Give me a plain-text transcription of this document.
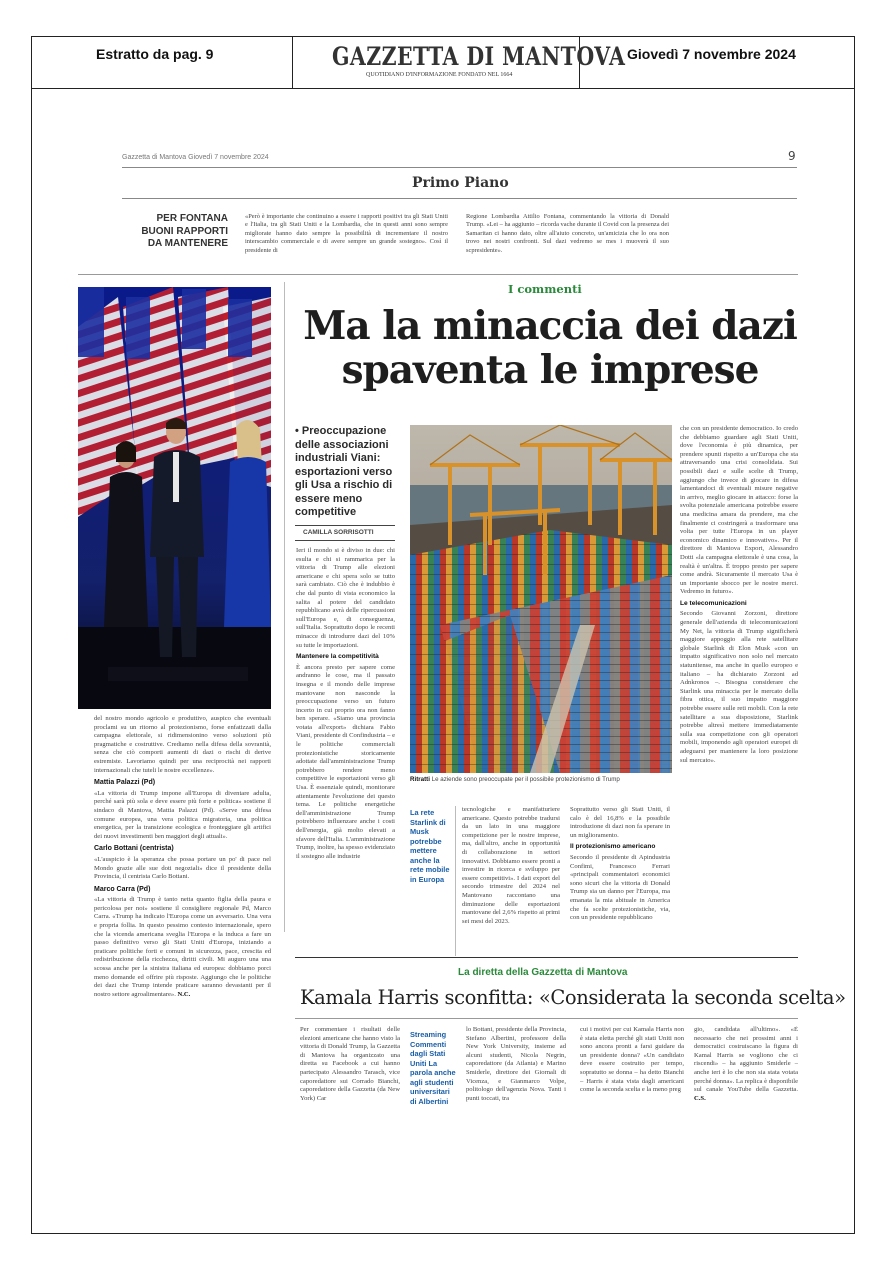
Estratto da pag. 9	GAZZETTA DI MANTOVA
QUOTIDIANO D'INFORMAZIONE FONDATO NEL 1664
Giovedì 7 novembre 2024
Gazzetta di Mantova Giovedì 7 novembre 2024	9
Primo Piano
PER FONTANA BUONI RAPPORTI DA MANTENERE
«Però è importante che continuino a essere i rapporti positivi tra gli Stati Uniti e l'Italia, tra gli Stati Uniti e la Lombardia, che in questi anni sono sempre migliorate hanno dato sempre la possibilità di incrementare il nostro interscambio commerciale e di avere sempre un grande sostegno». Così il presidente di
Regione Lombardia Attilio Fontana, commentando la vittoria di Donald Trump. «Lei – ha aggiunto – ricorda vache durante il Covid con la presenza dei Samaritan ci hanno dato, oltre all'aiuto concreto, un'amicizia che lo ora non trovo nei nostri confronti. Sul dazi vedremo se mes i muoverà il suo scpresidente».

del nostro mondo agricolo e produttivo, auspico che eventuali proclami su un ritorno al protezionismo, forse enfatizzati dalla campagna elettorale, si ridimensionino verso soluzioni più pragmatiche e costruttive. Crediamo nella difesa della sovranità, senza che ciò comporti aumenti di dazi o rischi di derive estremiste. Lavoriamo quindi per una reciprocità nei rapporti internazionali che tuteli le nostre eccellenze».

Mattia Palazzi (Pd)

«La vittoria di Trump impone all'Europa di diventare adulta, perché sarà più sola e deve essere più forte e politica» sostiene il sindaco di Mantova, Mattia Palazzi (Pd). «Serve una difesa comune europea, una vera politica migratoria, una politica energetica, per la transizione ecologica e fronteggiare gli artifici dei nuovi investimenti ben maggiori degli attuali».

Carlo Bottani (centrista)

«L'auspicio è la speranza che possa portare un po' di pace nel Mondo grazie alle sue doti negoziali» dice il presidente della Provincia, il centrista Carlo Bottani.

Marco Carra (Pd)

«La vittoria di Trump è tanto netta quanto figlia della paura e pericolosa per noi» sostiene il consigliere regionale Pd, Marco Carra. «Trump ha indicato l'Europa come un avversario. Una vera e propria follia. In questo pessimo contesto internazionale, spero che la vicenda americana sveglia l'Europa e la induca a fare un passo definitivo verso gli Stati Uniti d'Europa, iniziando a praticare politiche forti e comuni in sicurezza, pace, crescita ed redistribuzione della ricchezza, diritti civili. Mi auguro una una scossa anche per la sinistra italiana ed europea: dobbiamo porci meno domande ed offrire più risposte. Aggiungo che le politiche dei dazi che Trump intende praticare saranno devastanti per il nostro settore agroalimentare». N.C.

I commenti
Ma la minaccia dei dazi
spaventa le imprese
• Preoccupazione delle associazioni industriali Viani: esportazioni verso gli Usa a rischio di essere meno competitive
CAMILLA SORRISOTTI

Ieri il mondo si è diviso in due: chi esulta e chi si rammarica per la vittoria di Trump alle elezioni americane e chi spera solo se tutto sarà cambiato. Ciò che è indubbio è che dal punto di vista economico la salita al potere del candidato repubblicano avrà delle ripercussioni sull'Europa e, di conseguenza, sull'Italia. Soprattutto dopo le recenti minacce di introdurre dazi del 10% su tutte le importazioni.

Mantenere la competitività

È ancora presto per sapere come andranno le cose, ma il passato insegna e il mondo delle imprese mantovane non nasconde la preoccupazione verso un futuro incerto in cui proprio ora non fanno ben sperare. «Siamo una provincia votata all'export» dichiara Fabio Viani, presidente di Confindustria – e le politiche commerciali protezionistiche storicamente adottate dall'amministrazione Trump potrebbero rendere meno competitive le esportazioni verso gli Usa. È essenziale quindi, monitorare attentamente l'evoluzione dei questo tema. Le politiche energetiche dell'amministrazione Trump potrebbero influenzare anche i costi dell'energia, già molto elevati a sfavore dell'Italia. L'amministrazione Trump, inoltre, ha spesso evidenziato il sostegno alle industrie

Ritratti Le aziende sono preoccupate per il possibile protezionismo di Trump
La rete Starlink di Musk potrebbe mettere anche la rete mobile in Europa
tecnologiche e manifatturiere americane. Questo potrebbe tradursi da un lato in una maggiore competizione per le nostre imprese, ma, dall'altro, anche in opportunità di collaborazione in settori innovativi. Dobbiamo essere pronti a investire in ricerca e sviluppo per essere competitivi». I dati export del secondo trimestre del 2024 nel Mantovano raccontano una diminuzione delle esportazioni mantovane del 2,6% rispetto ai primi sei mesi del 2023.

Soprattutto verso gli Stati Uniti, il calo è del 16,8% e la possibile introduzione di dazi non fa sperare in un miglioramento.

Il protezionismo americano

Secondo il presidente di Apindustria Confimi, Francesco Ferrari «principali commentatori economici sono sicuri che la vittoria di Donald Trump sia un danno per l'Europa, ma emanata la mia abituale in America che fa scelte protezionistiche, via, con un presidente repubblicano

che con un presidente democratico. Io credo che debbiamo guardare agli Stati Uniti, dove l'economia è più dinamica, per prendere spunti rispetto a un'Europa che sta attraversando una crisi consolidata. Sui possibili dazi e sulle scelte di Trump, aggiungo che invece di giocare in difesa lamentandoci di eventuali misure negative in arrivo, meglio giocare in attacco: forse la svolta potenziale americana potrebbe essere una medicina amara da prendere, ma che finalmente ci costringerà a trasformare una volta per tutte l'Europa in un player economico dinamico e innovativo». Per il direttore di Mantova Export, Alessandro Dotti «la campagna elettorale è una cosa, la realtà è un'altra. È troppo presto per sapere come andrà. Sicuramente il mercato Usa è un importante sbocco per le nostre merci. Vedremo in futuro».

Le telecomunicazioni

Secondo Giovanni Zorzoni, direttore generale dell'azienda di telecomunicazioni My Net, la vittoria di Trump significherà maggiore appoggio alla rete satellitare globale Starlink di Elon Musk «con un impatto significativo non solo nel mercato statunitense, ma anche in quello europeo e italiano – ha dichiarato Zorzoni ad Adnkronos –. Bisogna considerare che Starlink una minaccia per le mercato della fibra ottica, il suo impatto maggiore potrebbe essere sulle reti mobili. Con la rete satellitare a sua disposizione, Starlink potrebbe altresì mettere immediatamente sulla sua competizione con gli operatori mobili, imponendo agli operatori europei di adeguarsi per mantenere la loro posizione sul mercato».

La diretta della Gazzetta di Mantova
Kamala Harris sconfitta: «Considerata la seconda scelta»
Per commentare i risultati delle elezioni americane che hanno visto la vittoria di Donald Trump, la Gazzetta di Mantova ha organizzato una diretta su Facebook a cui hanno partecipato Alessandro Tarasch, vice caporedattore sui Corrado Bianchi, caporedattore della Gazzetta (da New York) Car
Streaming Commenti dagli Stati Uniti La parola anche agli studenti universitari di Albertini
lo Bottani, presidente della Provincia, Stefano Albertini, professore della New York University, insieme ad alcuni studenti, Nicola Negrin, caporedattore (da Atlanta) e Marino Smiderle, direttore dei Giornali di Vicenza, e Gianmarco Volpe, politologo dell'agenzia Nova. Tanti i punti toccati, tra
cui i motivi per cui Kamala Harris non è stata eletta perché gli stati Uniti non sono ancora pronti a farsi guidare da un presidente donna? «Un candidato deve essere costruito per tempo, sopratutto se donna – ha detto Bianchi – Harris è stata vista dagli americani come la seconda scelta e la meno preg
gio, candidata all'ultimo». «È necessario che nei prossimi anni i democratici costruiscano la figura di Kamal Harris se vogliono che ci riscendi» – ha aggiunto Smiderle – anche ieri è lo che non sia stata votata perché donna». La replica è disponibile sul canale YouTube della Gazzetta. C.S.
